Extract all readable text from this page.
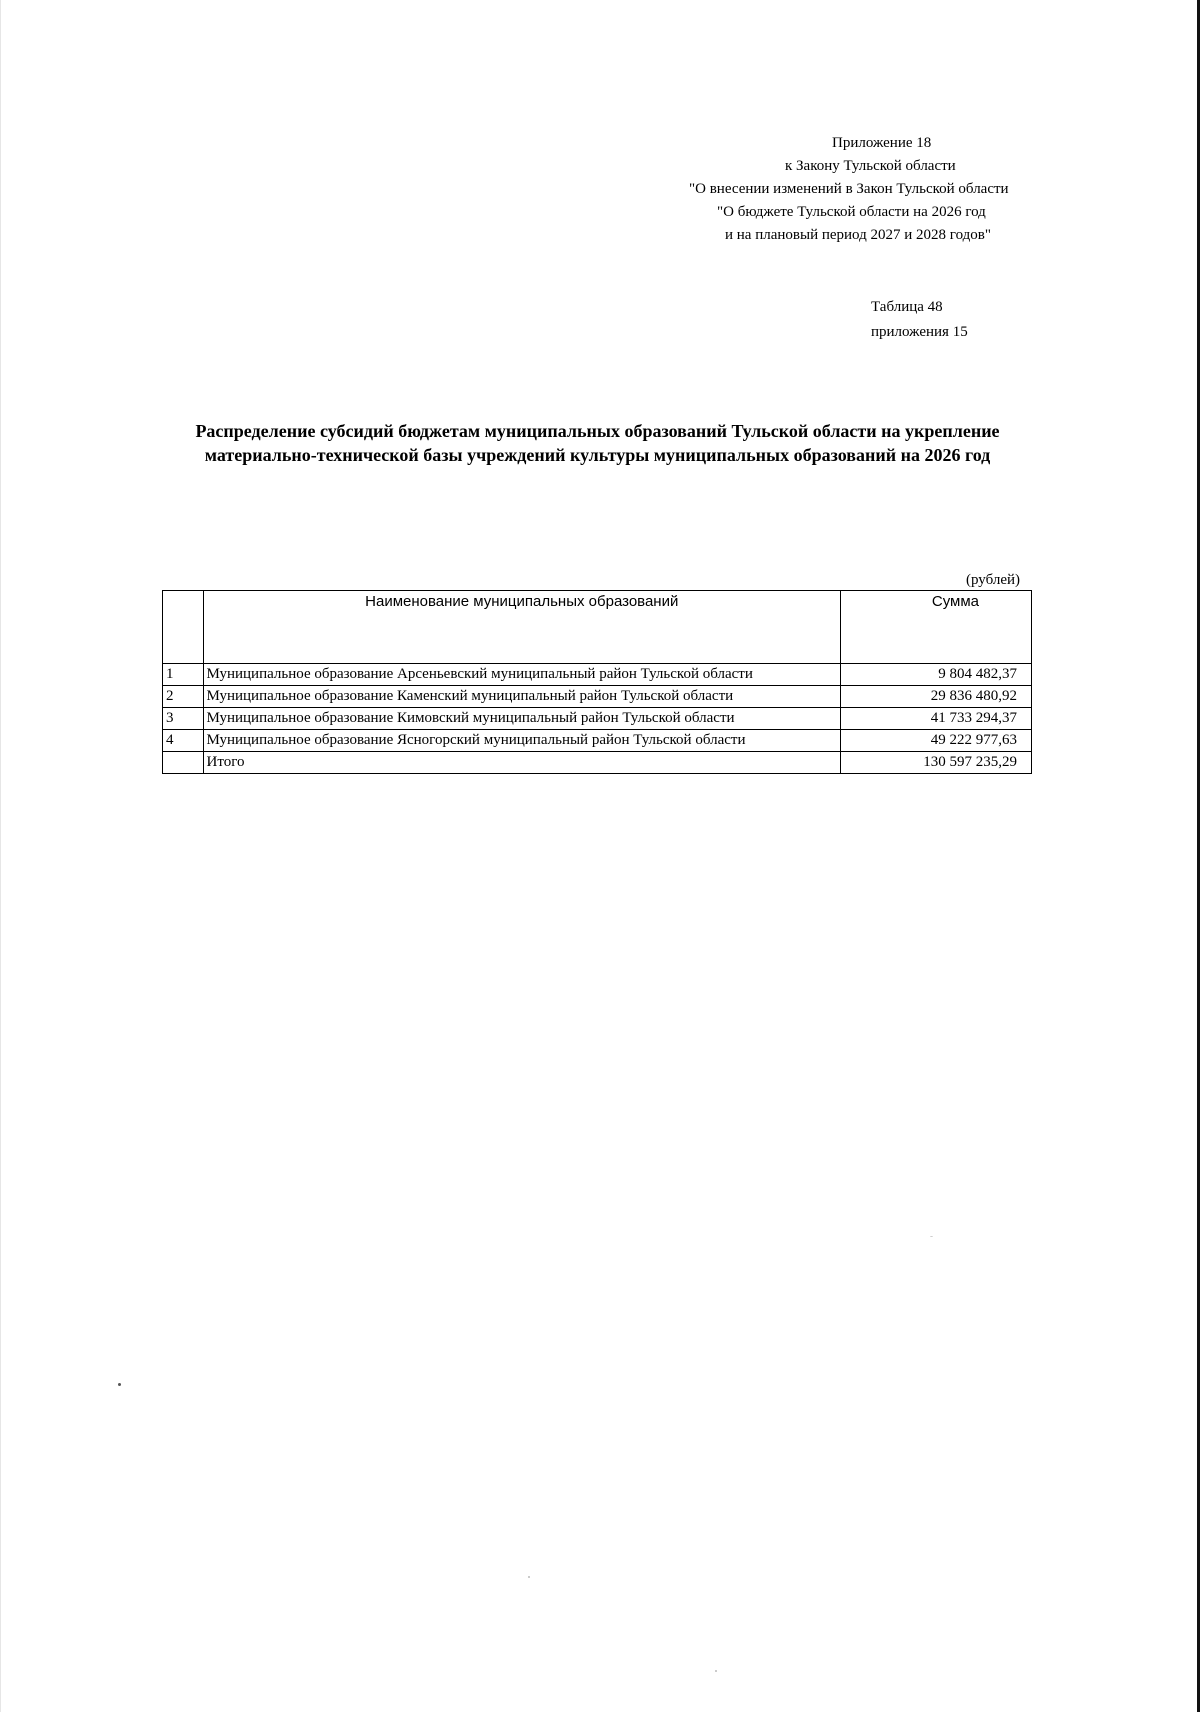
Приложение 18
к Закону Тульской области
"О внесении изменений в Закон Тульской области
"О бюджете Тульской области на 2026 год
и на плановый период 2027 и 2028 годов"
Таблица 48
приложения 15
Распределение субсидий бюджетам муниципальных образований Тульской области на укрепление материально-технической базы учреждений культуры муниципальных образований на 2026 год
(рублей)
	Наименование муниципальных образований	Сумма
1	Муниципальное образование Арсеньевский муниципальный район Тульской области	9 804 482,37
2	Муниципальное образование Каменский муниципальный район Тульской области	29 836 480,92
3	Муниципальное образование Кимовский муниципальный район Тульской области	41 733 294,37
4	Муниципальное образование Ясногорский муниципальный район Тульской области	49 222 977,63
	Итого	130 597 235,29
